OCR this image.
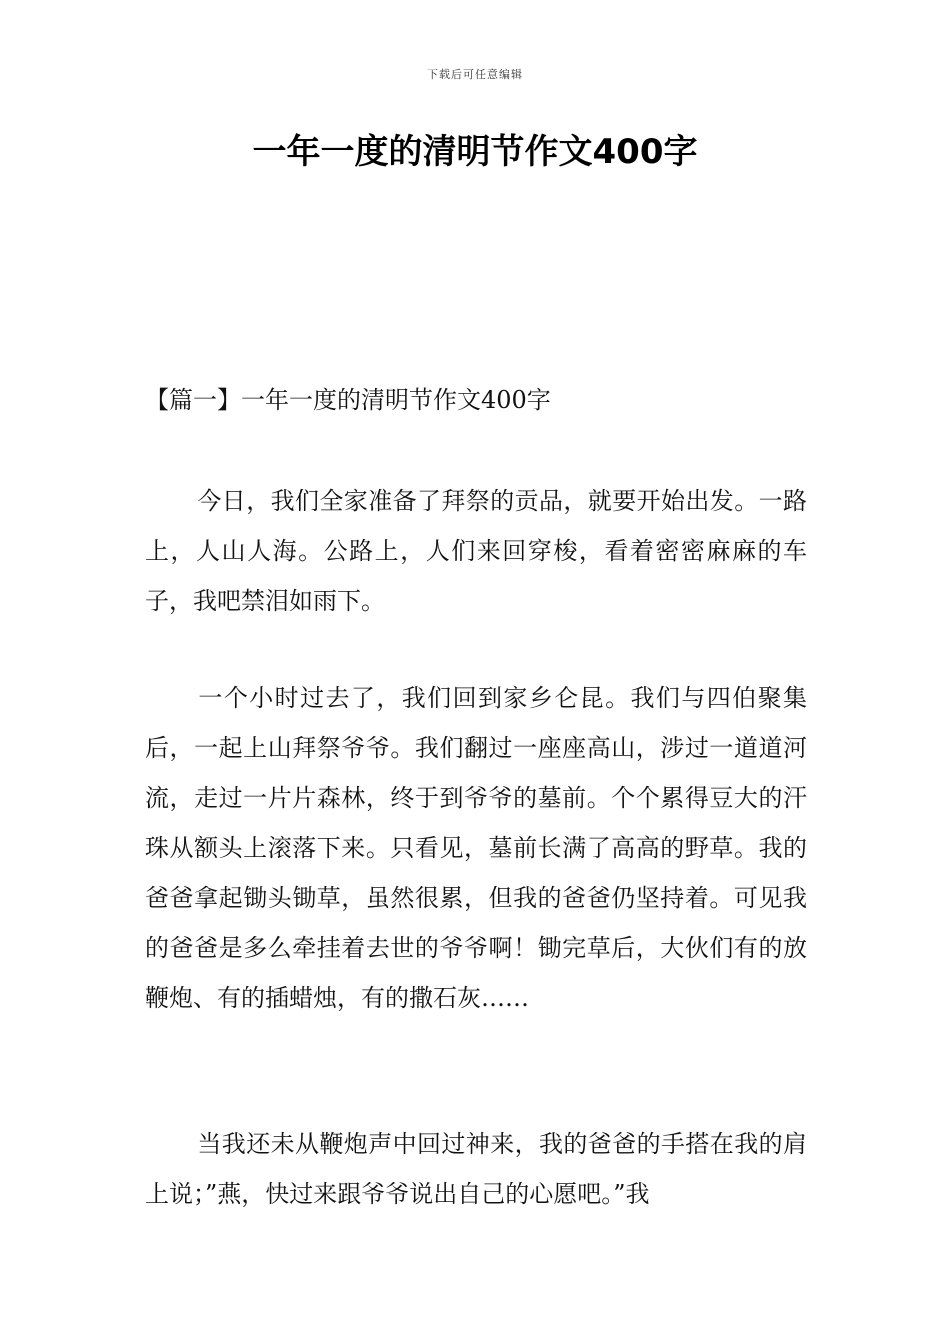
下载后可任意编辑
一年一度的清明节作文400字

【篇一】一年一度的清明节作文400字

今日，我们全家准备了拜祭的贡品，就要开始出发。一路上，人山人海。公路上，人们来回穿梭，看着密密麻麻的车子，我吧禁泪如雨下。

一个小时过去了，我们回到家乡仑昆。我们与四伯聚集后，一起上山拜祭爷爷。我们翻过一座座高山，涉过一道道河流，走过一片片森林，终于到爷爷的墓前。个个累得豆大的汗珠从额头上滚落下来。只看见，墓前长满了高高的野草。我的爸爸拿起锄头锄草，虽然很累，但我的爸爸仍坚持着。可见我的爸爸是多么牵挂着去世的爷爷啊！锄完草后，大伙们有的放鞭炮、有的插蜡烛，有的撒石灰……

当我还未从鞭炮声中回过神来，我的爸爸的手搭在我的肩上说；”燕，快过来跟爷爷说出自己的心愿吧。”我
